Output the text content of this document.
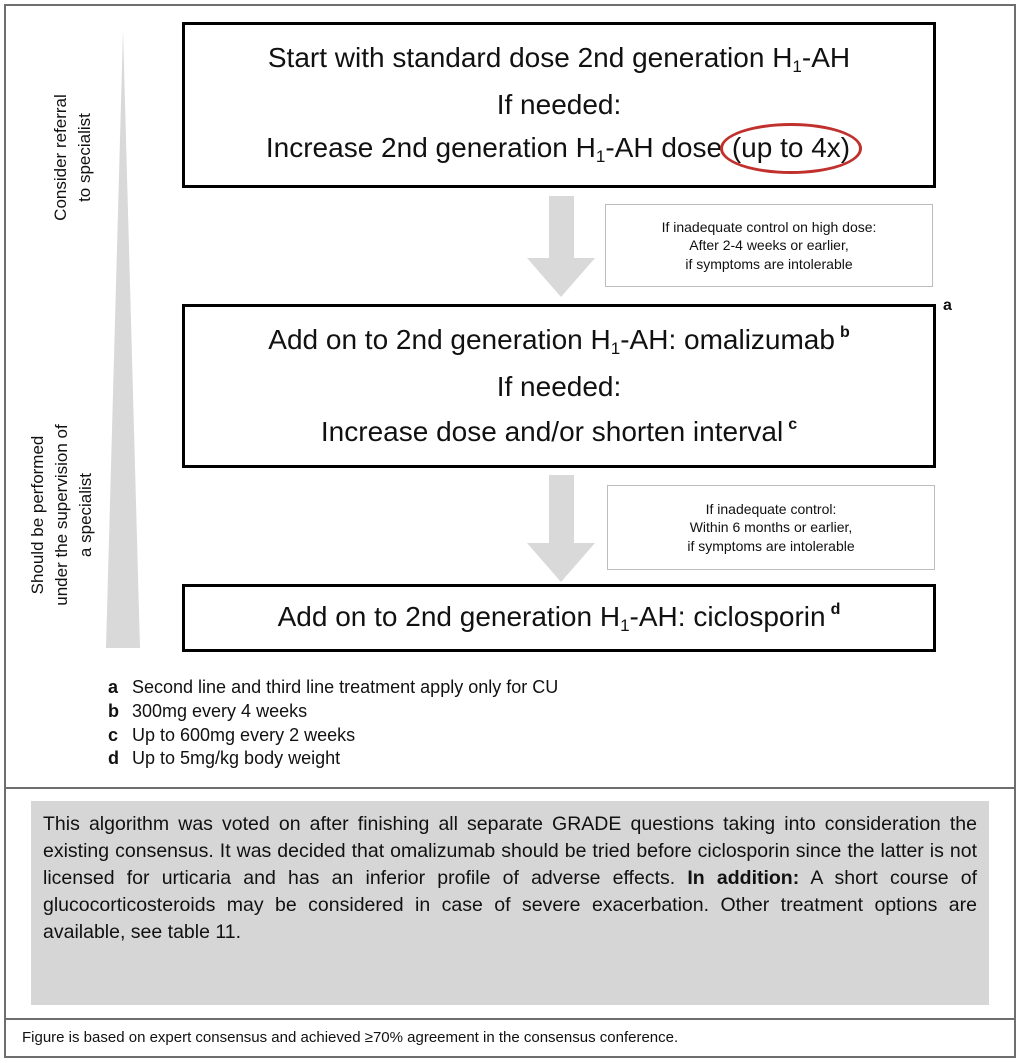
Consider referral to specialist
Should be performed under the supervision of a specialist
Start with standard dose 2nd generation $H_1-AH$
If needed:
Increase 2nd generation $H_1-AH$ dose (up to 4x)
If inadequate control on high dose:
After 2-4 weeks or earlier,
if symptoms are intolerable
a
Add on to 2nd generation $H_1-AH$: omalizumab $^b$
If needed:
Increase dose and/or shorten interval $^c$
If inadequate control:
Within 6 months or earlier,
if symptoms are intolerable
Add on to 2nd generation $H_1-AH$: ciclosporin $^d$
a Second line and third line treatment apply only for CU
b 300mg every 4 weeks
c Up to 600mg every 2 weeks
d Up to 5mg/kg body weight
This algorithm was voted on after finishing all separate GRADE questions taking into consideration the existing consensus. It was decided that omalizumab should be tried before ciclosporin since the latter is not licensed for urticaria and has an inferior profile of adverse effects. In addition: A short course of glucocorticosteroids may be considered in case of severe exacerbation. Other treatment options are available, see table 11.
Figure is based on expert consensus and achieved ≥70% agreement in the consensus conference.
